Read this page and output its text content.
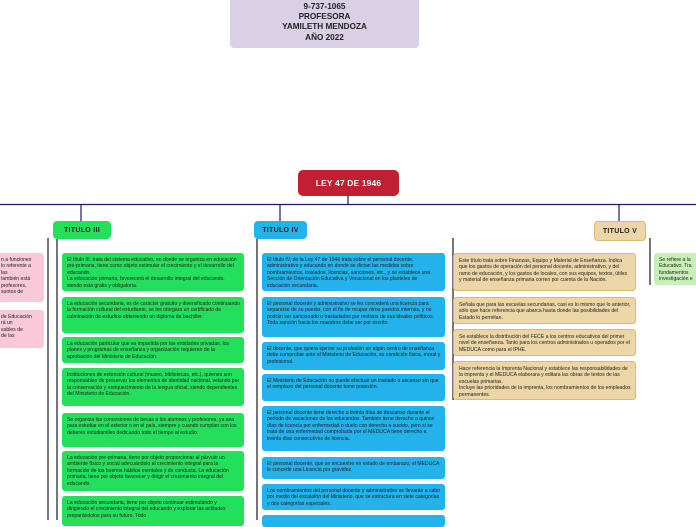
9-737-1065
PROFESORA
YAMILETH MENDOZA
AÑO 2022
LEY 47 DE 1946
TITULO III	TITULO IV	TITULO V
n a funciones
lo referente a
las
también está
profesores,
suntos de
de Educación
rá un
sables de
de las
Se refiere a la
Educativo. Tra
fundamentos
investigación e
El título III, trata del sistema educativo, en donde se organiza en educación pre-primaria, tiene como objeto estimular el crecimiento y el desarrollo del educando.
La educación primaria, favorecerá el desarrollo integral del educando, siendo esta gratis y obligatoria.
La educación secundaria, es de carácter gratuito y diversificado continuando la formación cultural del estudiante, se les otorgara un certificado de culminación de estudios obteniendo un diploma de bachiller.
La educación particular que es impartida por las entidades privadas, los planes y programas de enseñanza y organización requieren de la aprobación del Ministerio de Educación.
Instituciones de extensión cultural (museo, bibliotecas, etc.), quienes son responsables de preservar los elementos de identidad nacional, velando por la conservación y enriquecimiento de la lengua oficial, siendo dependientes del Ministerio de Educación.
Se organiza las concesiones de becas a los alumnos y profesores, ya sea para estudiar en el exterior o en el país, siempre y cuando cumplan con los deberes estudiantiles dedicando todo el tiempo al estudio.
La educación pre-primaria, tiene por objeto proporcionar al párvulo un ambiente físico y social adecuándolo al crecimiento integral para la formación de los buenos hábitos mentales y de conducta. La educación primaria, tiene por objeto favorecer y dirigir el crecimiento integral del educando.
La educación secundaria, tiene por objeto continuar estimulando y dirigiendo el crecimiento integral del educando y explorar las actitudes preparándolos para su futuro. Todo
El título IV, de la Ley 47 de 1946 trata sobre el personal docente, administrativo y educando en donde se dictan las medidas sobre nombramientos, traslados, licencias, sanciones, etc., y se establece una Sección de Orientación Educativa y Vocacional en los planteles de educación secundaria.
El personal docente y administrativo se les concederá una licencia para separarse de su puesto, con el fin de ocupar otros puestos internos, y no podrán ser sancionado o trasladados por motivos de sus ideales políticos. Toda sanción hacia los maestros debe ser por escrito.
El docente, que quiera ejercer su profesión en algún centro de enseñanza debe comprobar ante el Ministerio de Educación, su condición física, moral y profesional.
El Ministerio de Educación no puede efectuar un traslado o ascenso sin que el remplazo del personal docente tome posesión.
El personal docente tiene derecho a treinta días de descanso durante el periodo de vacaciones de los educandos. También tiene derecho a quince días de licencia por enfermedad o duelo con derecho a sueldo, pero si se trata de una enfermedad comprobada por el MEDUCA tiene derecho a treinta días consecutivos de licencia.
El personal docente, que se encuentre en estado de embarazo, el MEDUCA le concede una Licencia por gravidez.
Los nombramientos del personal docente y administrativo se llevarán a cabo por medio del escalafón del Ministerio, que se estructura en siete categorías y dos categorías especiales.
Este título trata sobre Finanzas, Equipo y Material de Enseñanza. Indica que los gastos de operación del personal docente, administrativo, y del ramo de educación, y los gastos de locales, con sus equipos, textos, útiles y material de enseñanza primaria corren por cuenta de la Nación.
Señala que para las escuelas secundarias, casi es lo mismo que lo anterior, sólo que hace referencia que abarca hasta donde las posibilidades del Estado lo permitan.
Se establece la distribución del FECE a los centros educativos del primer nivel de enseñanza. Tanto para los centros administrados u operados por el MEDUCA como para el IPHE.
Hace referencia la Imprenta Nacional y establece las responsabilidades de la imprenta y el MEDUCA elaborara y editara las obras de textos de las escuelas primarias.
Incluye las prioridades de la imprenta, los nombramientos de los empleados permanentes.
